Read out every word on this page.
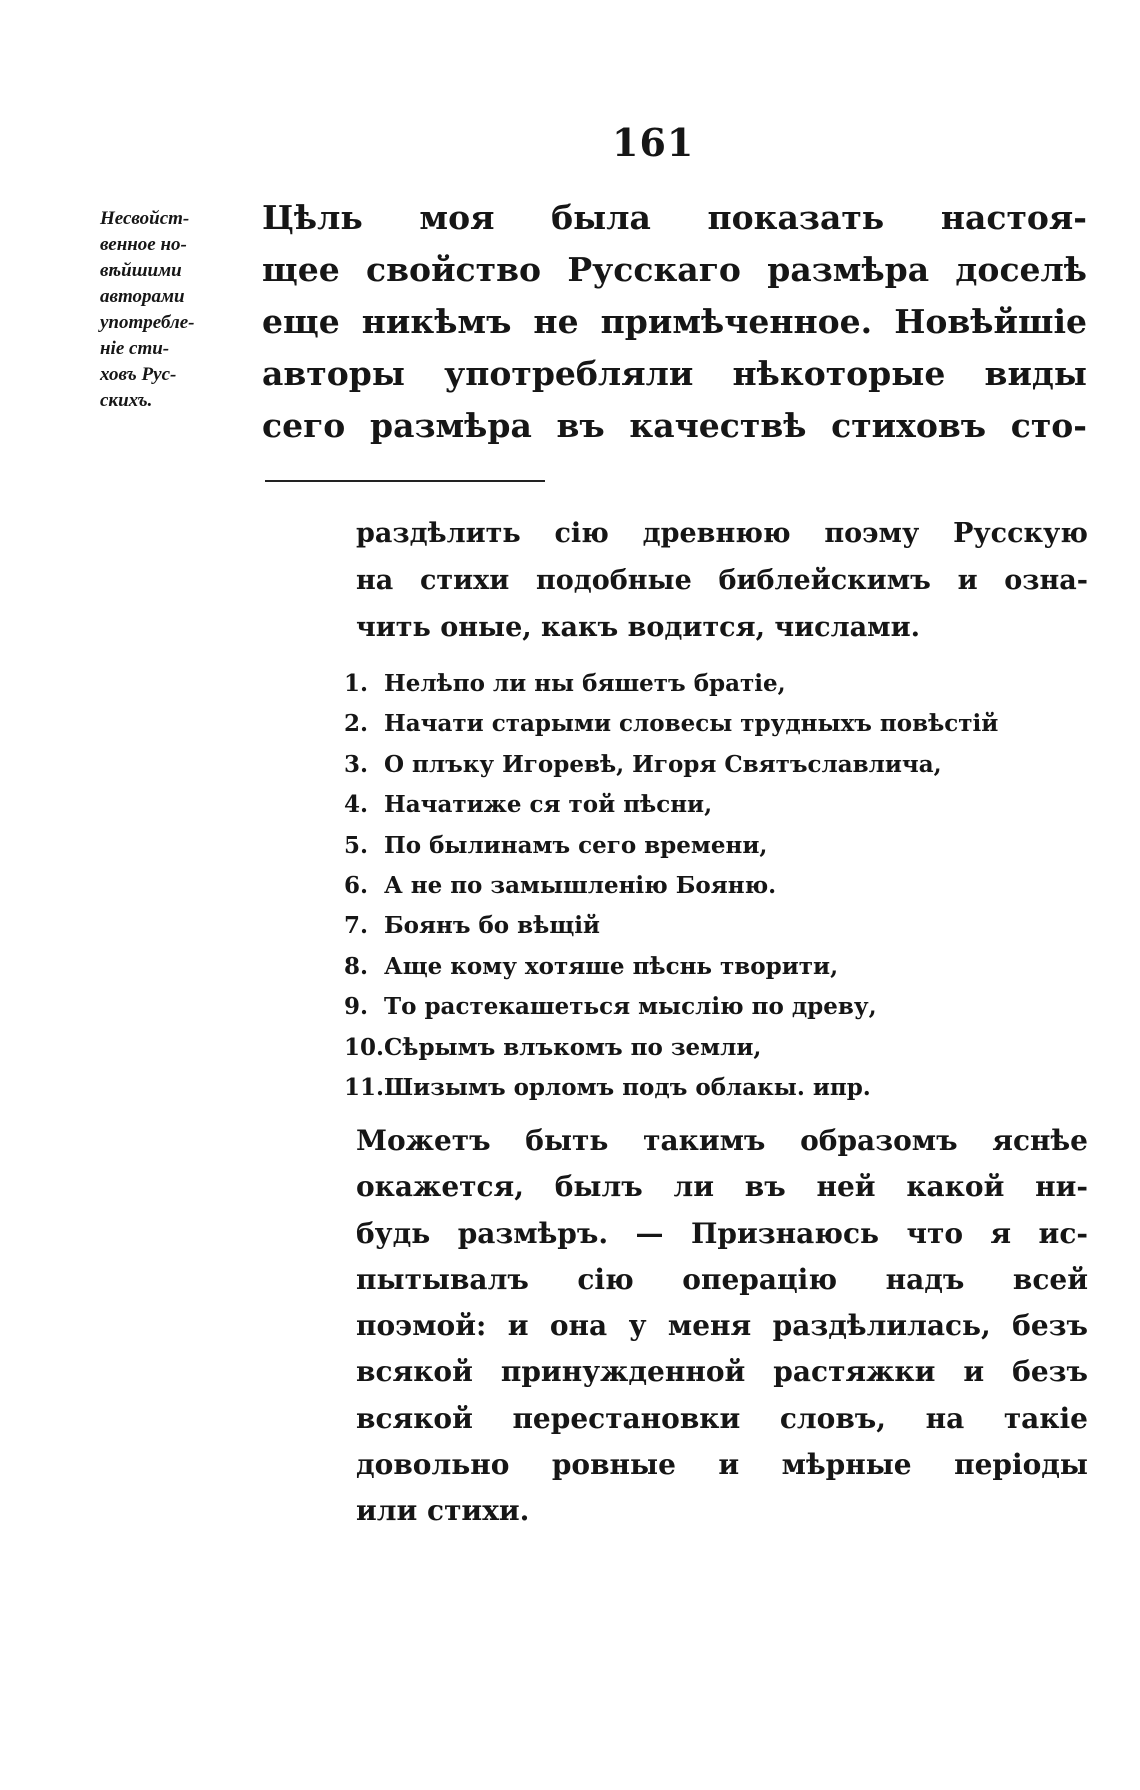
161
Несвойст-
венное но-
вѣйшими
авторами
употребле-
ніе сти-
ховъ Рус-
скихъ.
Цѣль моя была показать настоя-
щее свойство Русскаго размѣра доселѣ
еще никѣмъ не примѣченное. Новѣйшіе
авторы употребляли нѣкоторые виды
сего размѣра въ качествѣ стиховъ сто-
раздѣлить сію древнюю поэму Русскую
на стихи подобные библейскимъ и озна-
чить оные, какъ водится, числами.
1. Нелѣпо ли ны бяшетъ братіе,
2. Начати старыми словесы трудныхъ повѣстій
3. О плъку Игоревѣ, Игоря Святъславлича,
4. Начатиже ся той пѣсни,
5. По былинамъ сего времени,
6. А не по замышленію Бояню.
7. Боянъ бо вѣщій
8. Аще кому хотяше пѣснь творити,
9. То растекашеться мыслію по древу,
10. Сѣрымъ влъкомъ по земли,
11. Шизымъ орломъ подъ облакы. ипр.
Можетъ быть такимъ образомъ яснѣе
окажется, былъ ли въ ней какой ни-
будь размѣръ. — Признаюсь что я ис-
пытывалъ сію операцію надъ всей
поэмой: и она у меня раздѣлилась, безъ
всякой принужденной растяжки и безъ
всякой перестановки словъ, на такіе
довольно ровные и мѣрные періоды
или стихи.
